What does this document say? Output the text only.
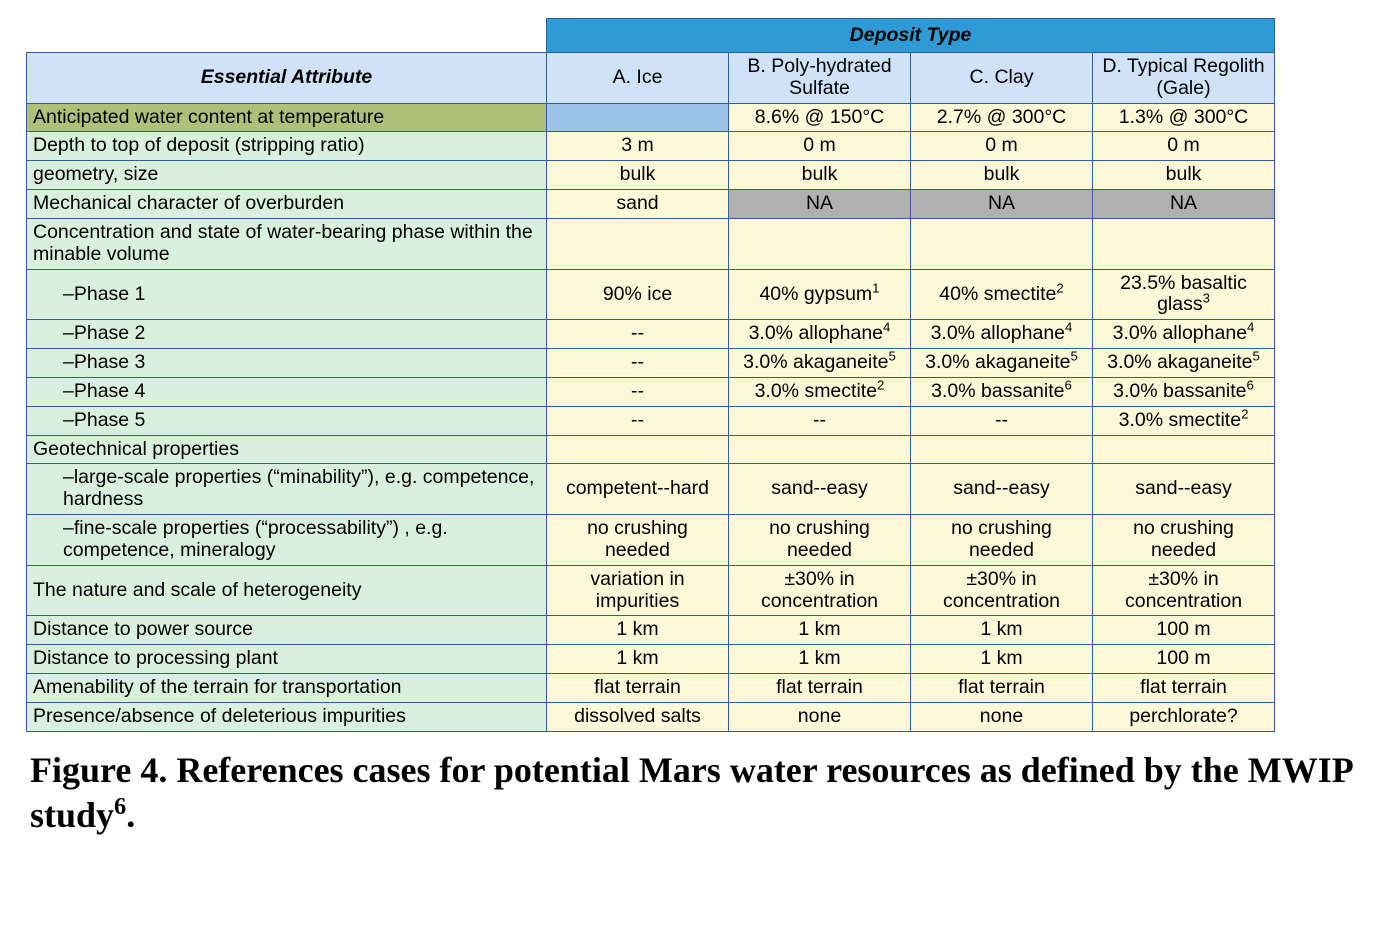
	Deposit Type			
Essential Attribute	A. Ice	B. Poly-hydrated Sulfate	C. Clay	D. Typical Regolith (Gale)
Anticipated water content at temperature		8.6% @ 150°C	2.7% @ 300°C	1.3% @ 300°C
Depth to top of deposit (stripping ratio)	3 m	0 m	0 m	0 m
geometry, size	bulk	bulk	bulk	bulk
Mechanical character of overburden	sand	NA	NA	NA
Concentration and state of water-bearing phase within the minable volume				
–Phase 1	90% ice	40% gypsum$^1$	40% smectite$^2$	23.5% basaltic glass$^3$
–Phase 2	--	3.0% allophane$^4$	3.0% allophane$^4$	3.0% allophane$^4$
–Phase 3	--	3.0% akaganeite$^5$	3.0% akaganeite$^5$	3.0% akaganeite$^5$
–Phase 4	--	3.0% smectite$^2$	3.0% bassanite$^6$	3.0% bassanite$^6$
–Phase 5	--	--	--	3.0% smectite$^2$
Geotechnical properties				
–large-scale properties (“minability”), e.g. competence, hardness	competent--hard	sand--easy	sand--easy	sand--easy
–fine-scale properties (“processability”) , e.g. competence, mineralogy	no crushing needed	no crushing needed	no crushing needed	no crushing needed
The nature and scale of heterogeneity	variation in impurities	±30% in concentration	±30% in concentration	±30% in concentration
Distance to power source	1 km	1 km	1 km	100 m
Distance to processing plant	1 km	1 km	1 km	100 m
Amenability of the terrain for transportation	flat terrain	flat terrain	flat terrain	flat terrain
Presence/absence of deleterious impurities	dissolved salts	none	none	perchlorate?
Figure 4. References cases for potential Mars water resources as defined by the MWIP study$^6$.
